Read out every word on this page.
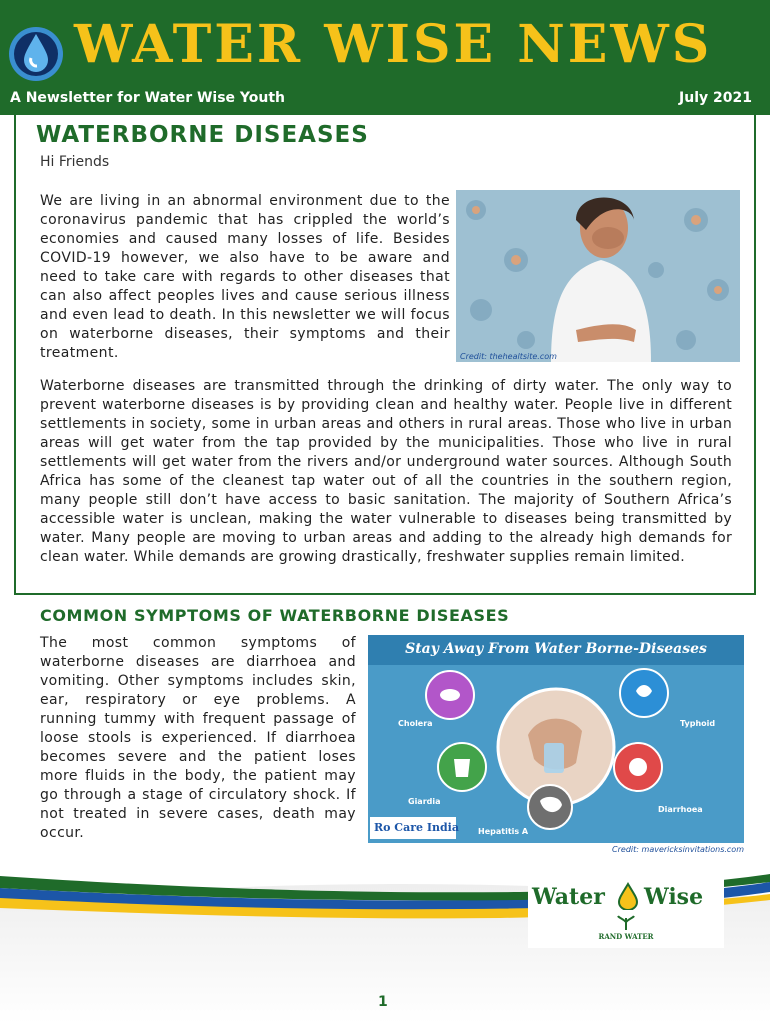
WATER WISE NEWS
A Newsletter for Water Wise Youth	July 2021
WATERBORNE DISEASES
Hi Friends
We are living in an abnormal environment due to the coronavirus pandemic that has crippled the world’s economies and caused many losses of life. Besides COVID-19 however, we also have to be aware and need to take care with regards to other diseases that can also affect peoples lives and cause serious illness and even lead to death. In this newsletter we will focus on waterborne diseases, their symptoms and their treatment.	Credit: thehealtsite.com
Waterborne diseases are transmitted through the drinking of dirty water. The only way to prevent waterborne diseases is by providing clean and healthy water. People live in different settlements in society, some in urban areas and others in rural areas. Those who live in urban areas will get water from the tap provided by the municipalities. Those who live in rural settlements will get water from the rivers and/or underground water sources. Although South Africa has some of the cleanest tap water out of all the countries in the southern region, many people still don’t have access to basic sanitation. The majority of Southern Africa’s accessible water is unclean, making the water vulnerable to diseases being transmitted by water. Many people are moving to urban areas and adding to the already high demands for clean water. While demands are growing drastically, freshwater supplies remain limited.
COMMON SYMPTOMS OF WATERBORNE DISEASES
The most common symptoms of waterborne diseases are diarrhoea and vomiting. Other symptoms includes skin, ear, respiratory or eye problems. A running tummy with frequent passage of loose stools is experienced. If diarrhoea becomes severe and the patient loses more fluids in the body, the patient may go through a stage of circulatory shock. If not treated in severe cases, death may occur.
Stay Away From Water Borne-Diseases
Cholera	Typhoid
Giardia
Diarrhoea
Hepatitis A
Ro Care India
Credit: mavericksinvitations.com
Water Wise
RAND WATER
1
